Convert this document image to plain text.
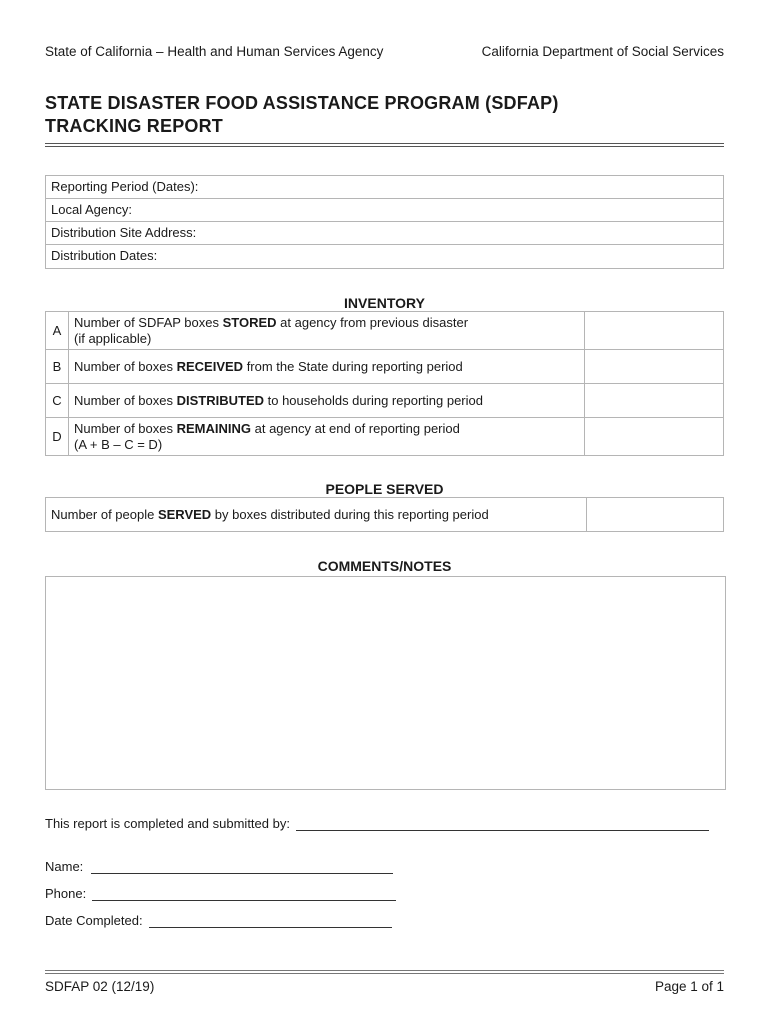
State of California – Health and Human Services Agency	California Department of Social Services
STATE DISASTER FOOD ASSISTANCE PROGRAM (SDFAP)
TRACKING REPORT
Reporting Period (Dates):
Local Agency:
Distribution Site Address:
Distribution Dates:
INVENTORY
A
Number of SDFAP boxes STORED at agency from previous disaster
(if applicable)
B Number of boxes RECEIVED from the State during reporting period
C Number of boxes DISTRIBUTED to households during reporting period
D
Number of boxes REMAINING at agency at end of reporting period
(A + B – C = D)
PEOPLE SERVED
Number of people SERVED by boxes distributed during this reporting period
COMMENTS/NOTES
This report is completed and submitted by:
Name:
Phone:
Date Completed:
SDFAP 02 (12/19)	Page 1 of 1
